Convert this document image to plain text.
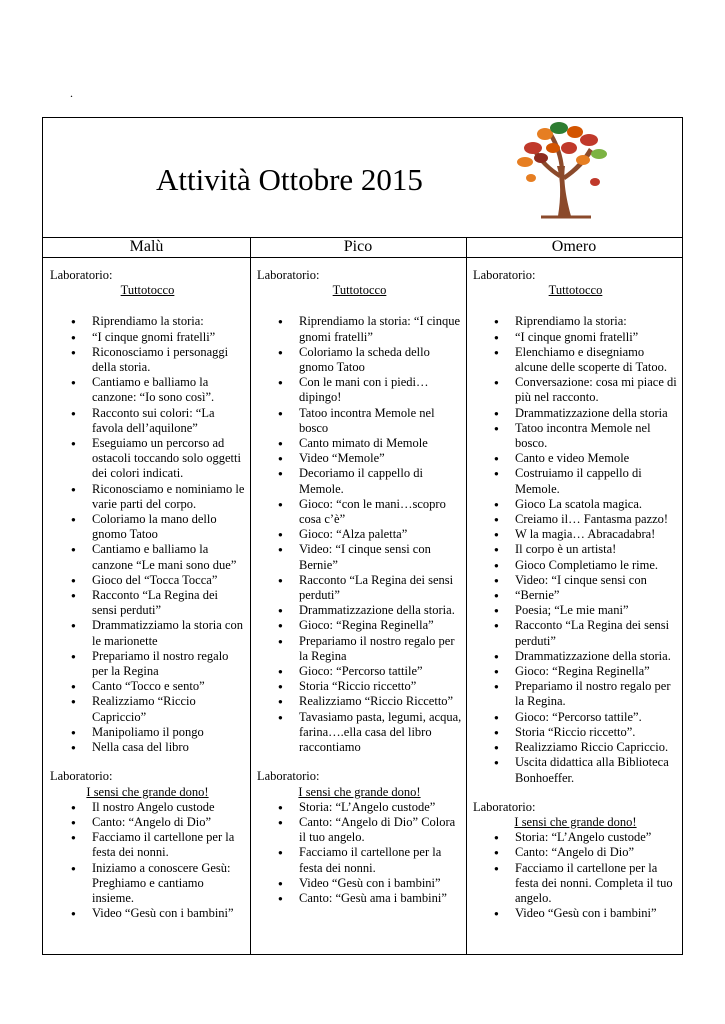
.
Attività Ottobre 2015
Malù	Pico	Omero

Laboratorio:

Tuttotocco

● Riprendiamo la storia:
● “I cinque gnomi fratelli”
● Riconosciamo i personaggi della storia.
● Cantiamo e balliamo la canzone: “Io sono così”.
● Racconto sui colori: “La favola dell’aquilone”
● Eseguiamo un percorso ad ostacoli toccando solo oggetti dei colori indicati.
● Riconosciamo e nominiamo le varie parti del corpo.
● Coloriamo la mano dello gnomo Tatoo
● Cantiamo e balliamo la canzone “Le mani sono due”
● Gioco del “Tocca Tocca”
● Racconto “La Regina dei sensi perduti”
● Drammatizziamo la storia con le marionette
● Prepariamo il nostro regalo per la Regina
● Canto “Tocco e sento”
● Realizziamo “Riccio Capriccio”
● Manipoliamo il pongo
● Nella casa del libro

Laboratorio:

I sensi che grande dono!

● Il nostro Angelo custode
● Canto: “Angelo di Dio”
● Facciamo il cartellone per la festa dei nonni.
● Iniziamo a conoscere Gesù: Preghiamo e cantiamo insieme.
● Video “Gesù con i bambini”

Laboratorio:

Tuttotocco

● Riprendiamo la storia: “I cinque gnomi fratelli”
● Coloriamo la scheda dello gnomo Tatoo
● Con le mani con i piedi… dipingo!
● Tatoo incontra Memole nel bosco
● Canto mimato di Memole
● Video “Memole”
● Decoriamo il cappello di Memole.
● Gioco: “con le mani…scopro cosa c’è”
● Gioco: “Alza paletta”
● Video: “I cinque sensi con Bernie”
● Racconto “La Regina dei sensi perduti”
● Drammatizzazione della storia.
● Gioco: “Regina Reginella”
● Prepariamo il nostro regalo per la Regina
● Gioco: “Percorso tattile”
● Storia “Riccio riccetto”
● Realizziamo “Riccio Riccetto”
● Tavasiamo pasta, legumi, acqua, farina….ella casa del libro raccontiamo

Laboratorio:

I sensi che grande dono!

● Storia: “L’Angelo custode”
● Canto: “Angelo di Dio” Colora il tuo angelo.
● Facciamo il cartellone per la festa dei nonni.
● Video “Gesù con i bambini”
● Canto: “Gesù ama i bambini”

Laboratorio:

Tuttotocco

● Riprendiamo la storia:
● “I cinque gnomi fratelli”
● Elenchiamo e disegniamo alcune delle scoperte di Tatoo.
● Conversazione: cosa mi piace di più nel racconto.
● Drammatizzazione della storia
● Tatoo incontra Memole nel bosco.
● Canto e video Memole
● Costruiamo il cappello di Memole.
● Gioco La scatola magica.
● Creiamo il… Fantasma pazzo!
● W la magia… Abracadabra!
● Il corpo è un artista!
● Gioco Completiamo le rime.
● Video: “I cinque sensi con
● “Bernie”
● Poesia; “Le mie mani”
● Racconto “La Regina dei sensi perduti”
● Drammatizzazione della storia.
● Gioco: “Regina Reginella”
● Prepariamo il nostro regalo per la Regina.
● Gioco: “Percorso tattile”.
● Storia “Riccio riccetto”.
● Realizziamo Riccio Capriccio.
● Uscita didattica alla Biblioteca Bonhoeffer.

Laboratorio:

I sensi che grande dono!

● Storia: “L’Angelo custode”
● Canto: “Angelo di Dio”
● Facciamo il cartellone per la festa dei nonni. Completa il tuo angelo.
● Video “Gesù con i bambini”
